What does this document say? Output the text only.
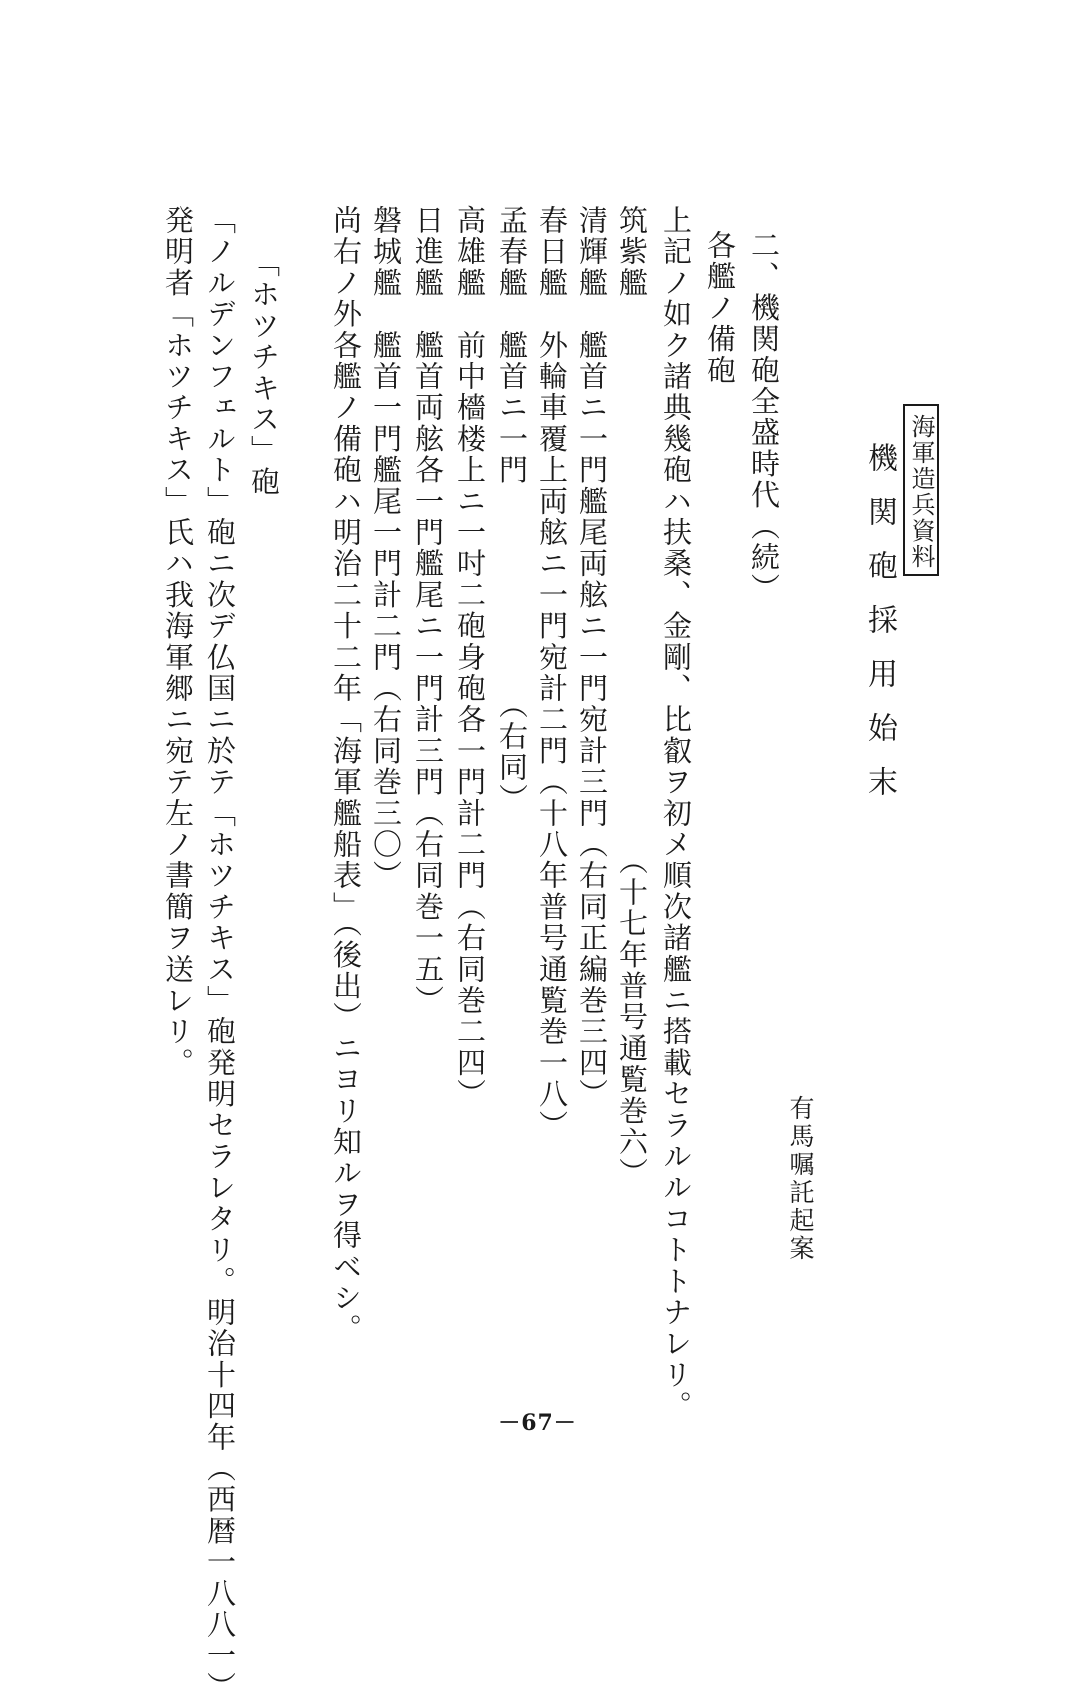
海軍造兵資料
機関砲採用始末
有馬嘱託起案
二、機関砲全盛時代（続）
各艦ノ備砲
上記ノ如ク諸典幾砲ハ扶桑、金剛、比叡ヲ初メ順次諸艦ニ搭載セラルルコトトナレリ。
筑紫艦　　　　　　　　　　　　　　　　　　（十七年普号通覧巻六）
清輝艦　艦首ニ一門艦尾両舷ニ一門宛計三門（右同正編巻三四）
春日艦　外輪車覆上両舷ニ一門宛計二門（十八年普号通覧巻一八）
孟春艦　艦首ニ一門　　　　　　　（右同）
高雄艦　前中檣楼上ニ一吋二砲身砲各一門計二門（右同巻二四）
日進艦　艦首両舷各一門艦尾ニ一門計三門（右同巻一五）
磐城艦　艦首一門艦尾一門計二門（右同巻三〇）
尚右ノ外各艦ノ備砲ハ明治二十二年「海軍艦船表」（後出）ニヨリ知ルヲ得ベシ。
「ホツチキス」砲
「ノルデンフェルト」砲ニ次デ仏国ニ於テ「ホツチキス」砲発明セラレタリ。明治十四年（西暦一八八一）
発明者「ホツチキス」氏ハ我海軍郷ニ宛テ左ノ書簡ヲ送レリ。
－67－
